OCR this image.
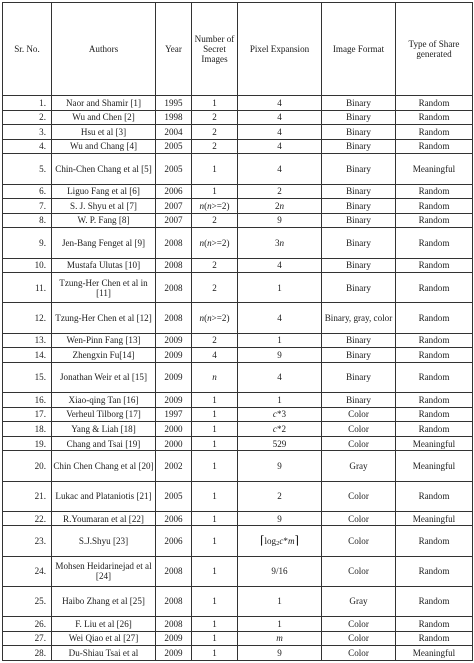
Sr. No.	Authors	Year	Number of Secret Images	Pixel Expansion	Image Format	Type of Share generated
1.	Naor and Shamir [1]	1995	1	4	Binary	Random
2.	Wu and Chen [2]	1998	2	4	Binary	Random
3.	Hsu et al [3]	2004	2	4	Binary	Random
4.	Wu and Chang [4]	2005	2	4	Binary	Random
5.	Chin-Chen Chang et al [5]	2005	1	4	Binary	Meaningful
6.	Liguo Fang et al [6]	2006	1	2	Binary	Random
7.	S. J. Shyu et al [7]	2007	n(n>=2)	2n	Binary	Random
8.	W. P. Fang [8]	2007	2	9	Binary	Random
9.	Jen-Bang Fenget al [9]	2008	n(n>=2)	3n	Binary	Random
10.	Mustafa Ulutas [10]	2008	2	4	Binary	Random
11.	Tzung-Her Chen et al in [11]	2008	2	1	Binary	Random
12.	Tzung-Her Chen et al [12]	2008	n(n>=2)	4	Binary, gray, color	Random
13.	Wen-Pinn Fang [13]	2009	2	1	Binary	Random
14.	Zhengxin Fu[14]	2009	4	9	Binary	Random
15.	Jonathan Weir et al [15]	2009	n	4	Binary	Random
16.	Xiao-qing Tan [16]	2009	1	1	Binary	Random
17.	Verheul Tilborg [17]	1997	1	c*3	Color	Random
18.	Yang & Liah [18]	2000	1	c*2	Color	Random
19.	Chang and Tsai [19]	2000	1	529	Color	Meaningful
20.	Chin Chen Chang et al [20]	2002	1	9	Gray	Meaningful
21.	Lukac and Plataniotis [21]	2005	1	2	Color	Random
22.	R.Youmaran et al [22]	2006	1	9	Color	Meaningful
23.	S.J.Shyu [23]	2006	1	⌈log2c*m⌉	Color	Random
24.	Mohsen Heidarinejad et al [24]	2008	1	9/16	Color	Random
25.	Haibo Zhang et al [25]	2008	1	1	Gray	Random
26.	F. Liu et al [26]	2008	1	1	Color	Random
27.	Wei Qiao et al [27]	2009	1	m	Color	Random
28.	Du-Shiau Tsai et al	2009	1	9	Color	Meaningful
